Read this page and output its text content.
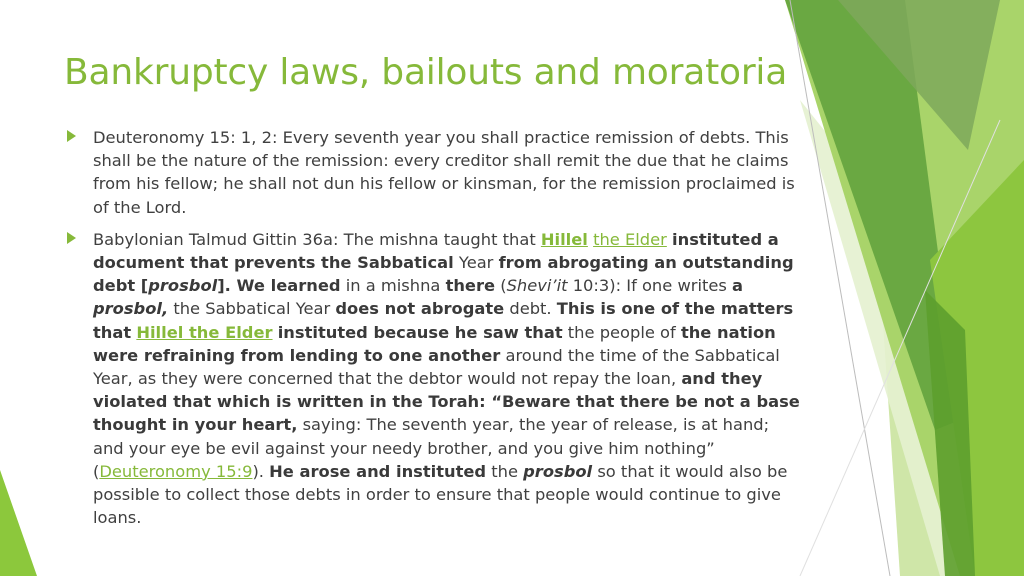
Bankruptcy laws, bailouts and moratoria
Deuteronomy 15: 1, 2: Every seventh year you shall practice remission of debts. This shall be the nature of the remission: every creditor shall remit the due that he claims from his fellow; he shall not dun his fellow or kinsman, for the remission proclaimed is of the Lord.
Babylonian Talmud Gittin 36a: The mishna taught that Hillel the Elder instituted a document that prevents the Sabbatical Year from abrogating an outstanding debt [prosbol]. We learned in a mishna there (Shevi’it 10:3): If one writes a prosbol, the Sabbatical Year does not abrogate debt. This is one of the matters that Hillel the Elder instituted because he saw that the people of the nation were refraining from lending to one another around the time of the Sabbatical Year, as they were concerned that the debtor would not repay the loan, and they violated that which is written in the Torah: “Beware that there be not a base thought in your heart, saying: The seventh year, the year of release, is at hand; and your eye be evil against your needy brother, and you give him nothing” (Deuteronomy 15:9). He arose and instituted the prosbol so that it would also be possible to collect those debts in order to ensure that people would continue to give loans.
